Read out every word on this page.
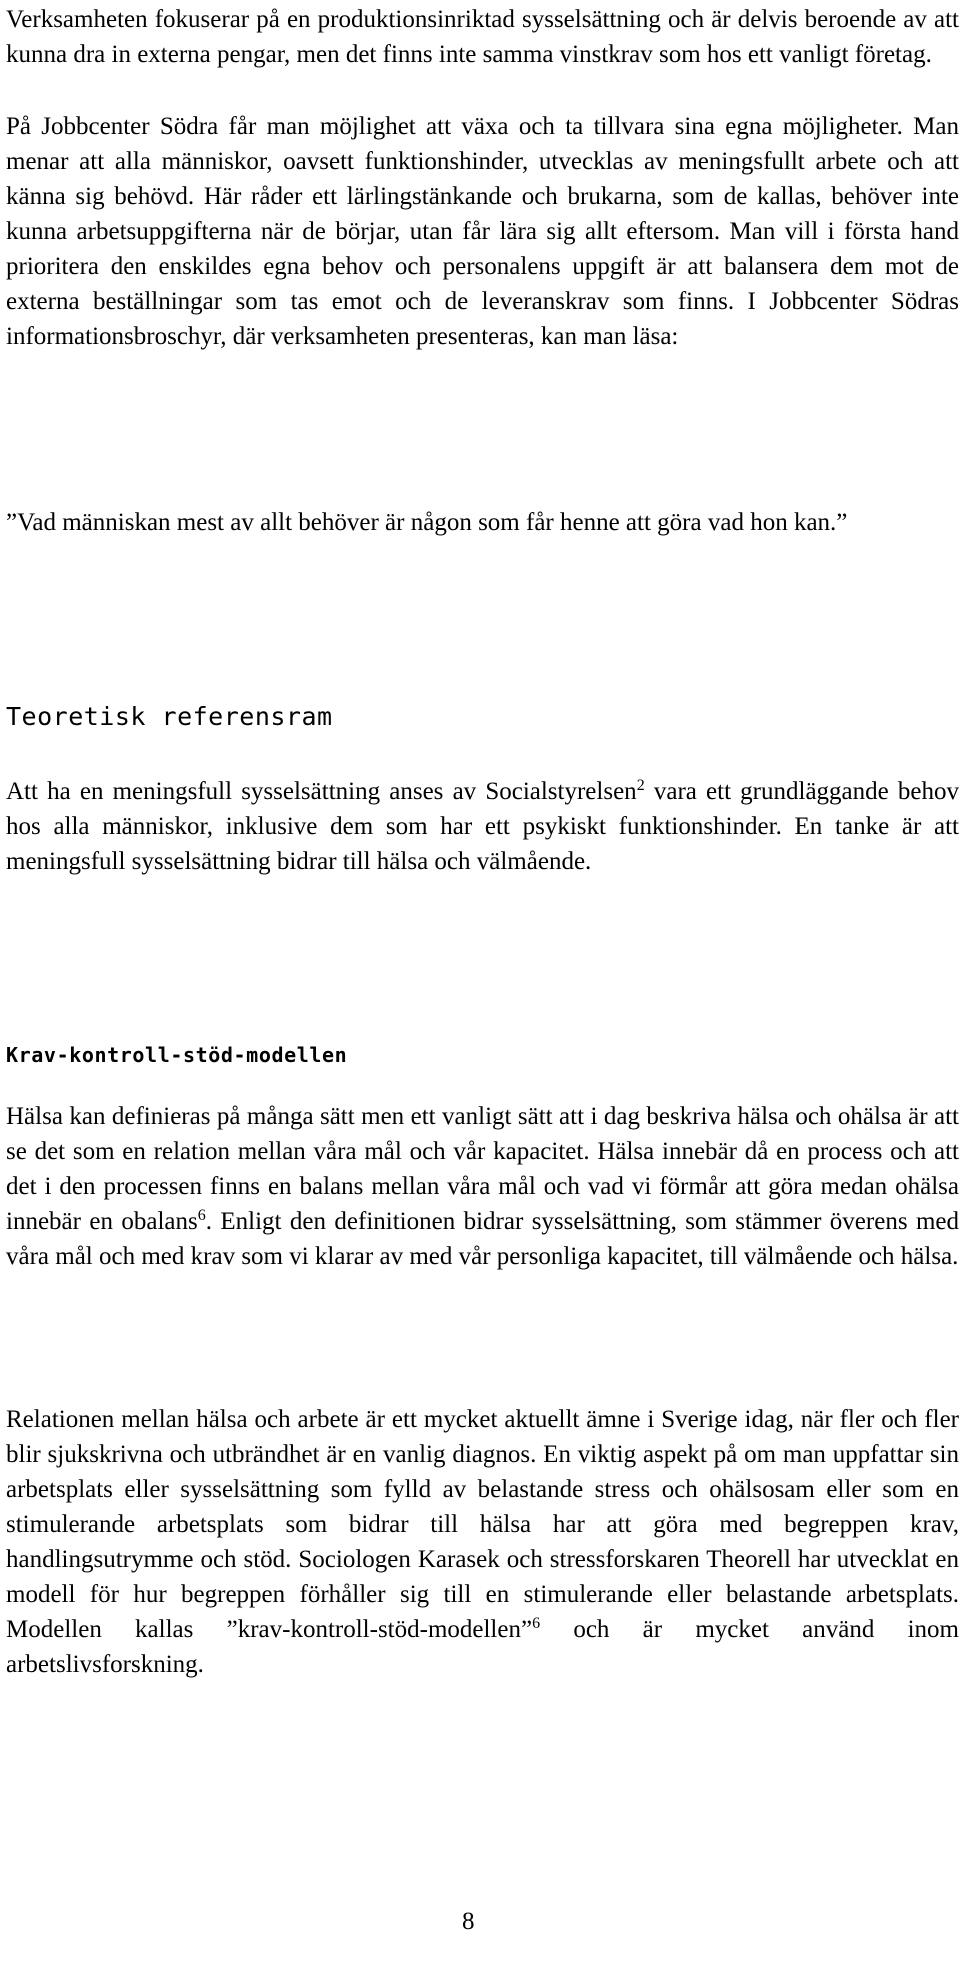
Verksamheten fokuserar på en produktionsinriktad sysselsättning och är delvis beroende av att kunna dra in externa pengar, men det finns inte samma vinstkrav som hos ett vanligt företag.

På Jobbcenter Södra får man möjlighet att växa och ta tillvara sina egna möjligheter. Man menar att alla människor, oavsett funktionshinder, utvecklas av meningsfullt arbete och att känna sig behövd. Här råder ett lärlingstänkande och brukarna, som de kallas, behöver inte kunna arbetsuppgifterna när de börjar, utan får lära sig allt eftersom. Man vill i första hand prioritera den enskildes egna behov och personalens uppgift är att balansera dem mot de externa beställningar som tas emot och de leveranskrav som finns. I Jobbcenter Södras informationsbroschyr, där verksamheten presenteras, kan man läsa:

”Vad människan mest av allt behöver är någon som får henne att göra vad hon kan.”

Teoretisk referensram

Att ha en meningsfull sysselsättning anses av Socialstyrelsen$^2$ vara ett grundläggande behov hos alla människor, inklusive dem som har ett psykiskt funktionshinder. En tanke är att meningsfull sysselsättning bidrar till hälsa och välmående.

Krav-kontroll-stöd-modellen

Hälsa kan definieras på många sätt men ett vanligt sätt att i dag beskriva hälsa och ohälsa är att se det som en relation mellan våra mål och vår kapacitet. Hälsa innebär då en process och att det i den processen finns en balans mellan våra mål och vad vi förmår att göra medan ohälsa innebär en obalans$^6$. Enligt den definitionen bidrar sysselsättning, som stämmer överens med våra mål och med krav som vi klarar av med vår personliga kapacitet, till välmående och hälsa.

Relationen mellan hälsa och arbete är ett mycket aktuellt ämne i Sverige idag, när fler och fler blir sjukskrivna och utbrändhet är en vanlig diagnos. En viktig aspekt på om man uppfattar sin arbetsplats eller sysselsättning som fylld av belastande stress och ohälsosam eller som en stimulerande arbetsplats som bidrar till hälsa har att göra med begreppen krav, handlingsutrymme och stöd. Sociologen Karasek och stressforskaren Theorell har utvecklat en modell för hur begreppen förhåller sig till en stimulerande eller belastande arbetsplats. Modellen kallas ”krav-kontroll-stöd-modellen”$^6$ och är mycket använd inom arbetslivsforskning.

8
